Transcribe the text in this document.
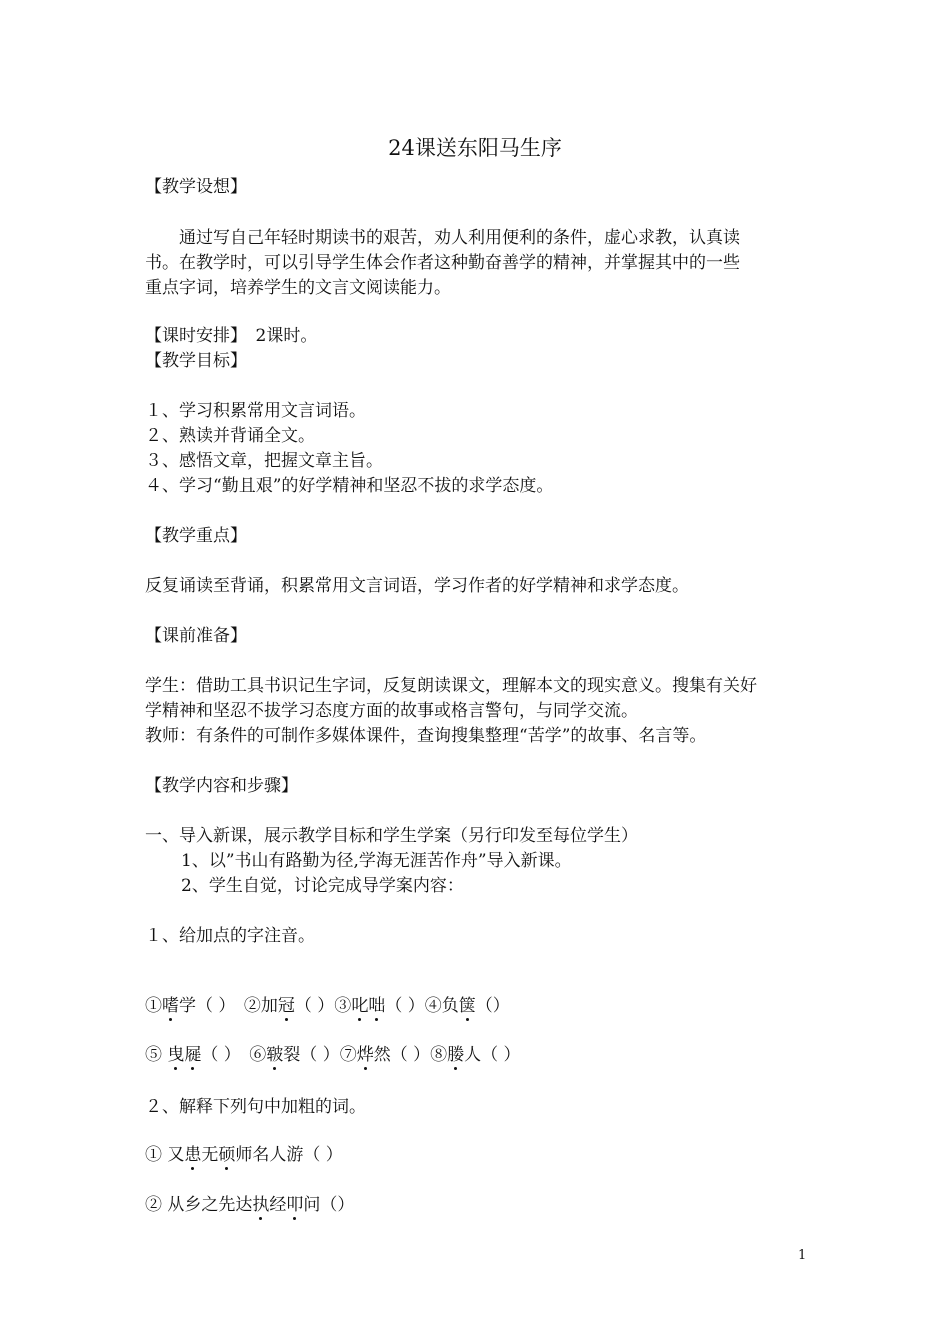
24课送东阳马生序
【教学设想】
　　通过写自己年轻时期读书的艰苦，劝人利用便利的条件，虚心求教，认真读
书。在教学时，可以引导学生体会作者这种勤奋善学的精神，并掌握其中的一些
重点字词，培养学生的文言文阅读能力。
【课时安排】　2课时。
【教学目标】
１、学习积累常用文言词语。
２、熟读并背诵全文。
３、感悟文章，把握文章主旨。
４、学习“勤且艰”的好学精神和坚忍不拔的求学态度。
【教学重点】
反复诵读至背诵，积累常用文言词语，学习作者的好学精神和求学态度。
【课前准备】
学生：借助工具书识记生字词，反复朗读课文，理解本文的现实意义。搜集有关好
学精神和坚忍不拔学习态度方面的故事或格言警句，与同学交流。
教师：有条件的可制作多媒体课件，查询搜集整理“苦学”的故事、名言等。
【教学内容和步骤】
一、导入新课，展示教学目标和学生学案（另行印发至每位学生）
1、以”书山有路勤为径,学海无涯苦作舟”导入新课。
2、学生自觉，讨论完成导学案内容：
１、给加点的字注音。
①嗜学（ ）　②加冠（ ）③叱咄（ ）④负箧（）
⑤ 曳屣（ ）　⑥皲裂（ ）⑦烨然（ ）⑧媵人（ ）
２、解释下列句中加粗的词。
① 又患无硕师名人游（ ）
② 从乡之先达执经叩问（）
1
